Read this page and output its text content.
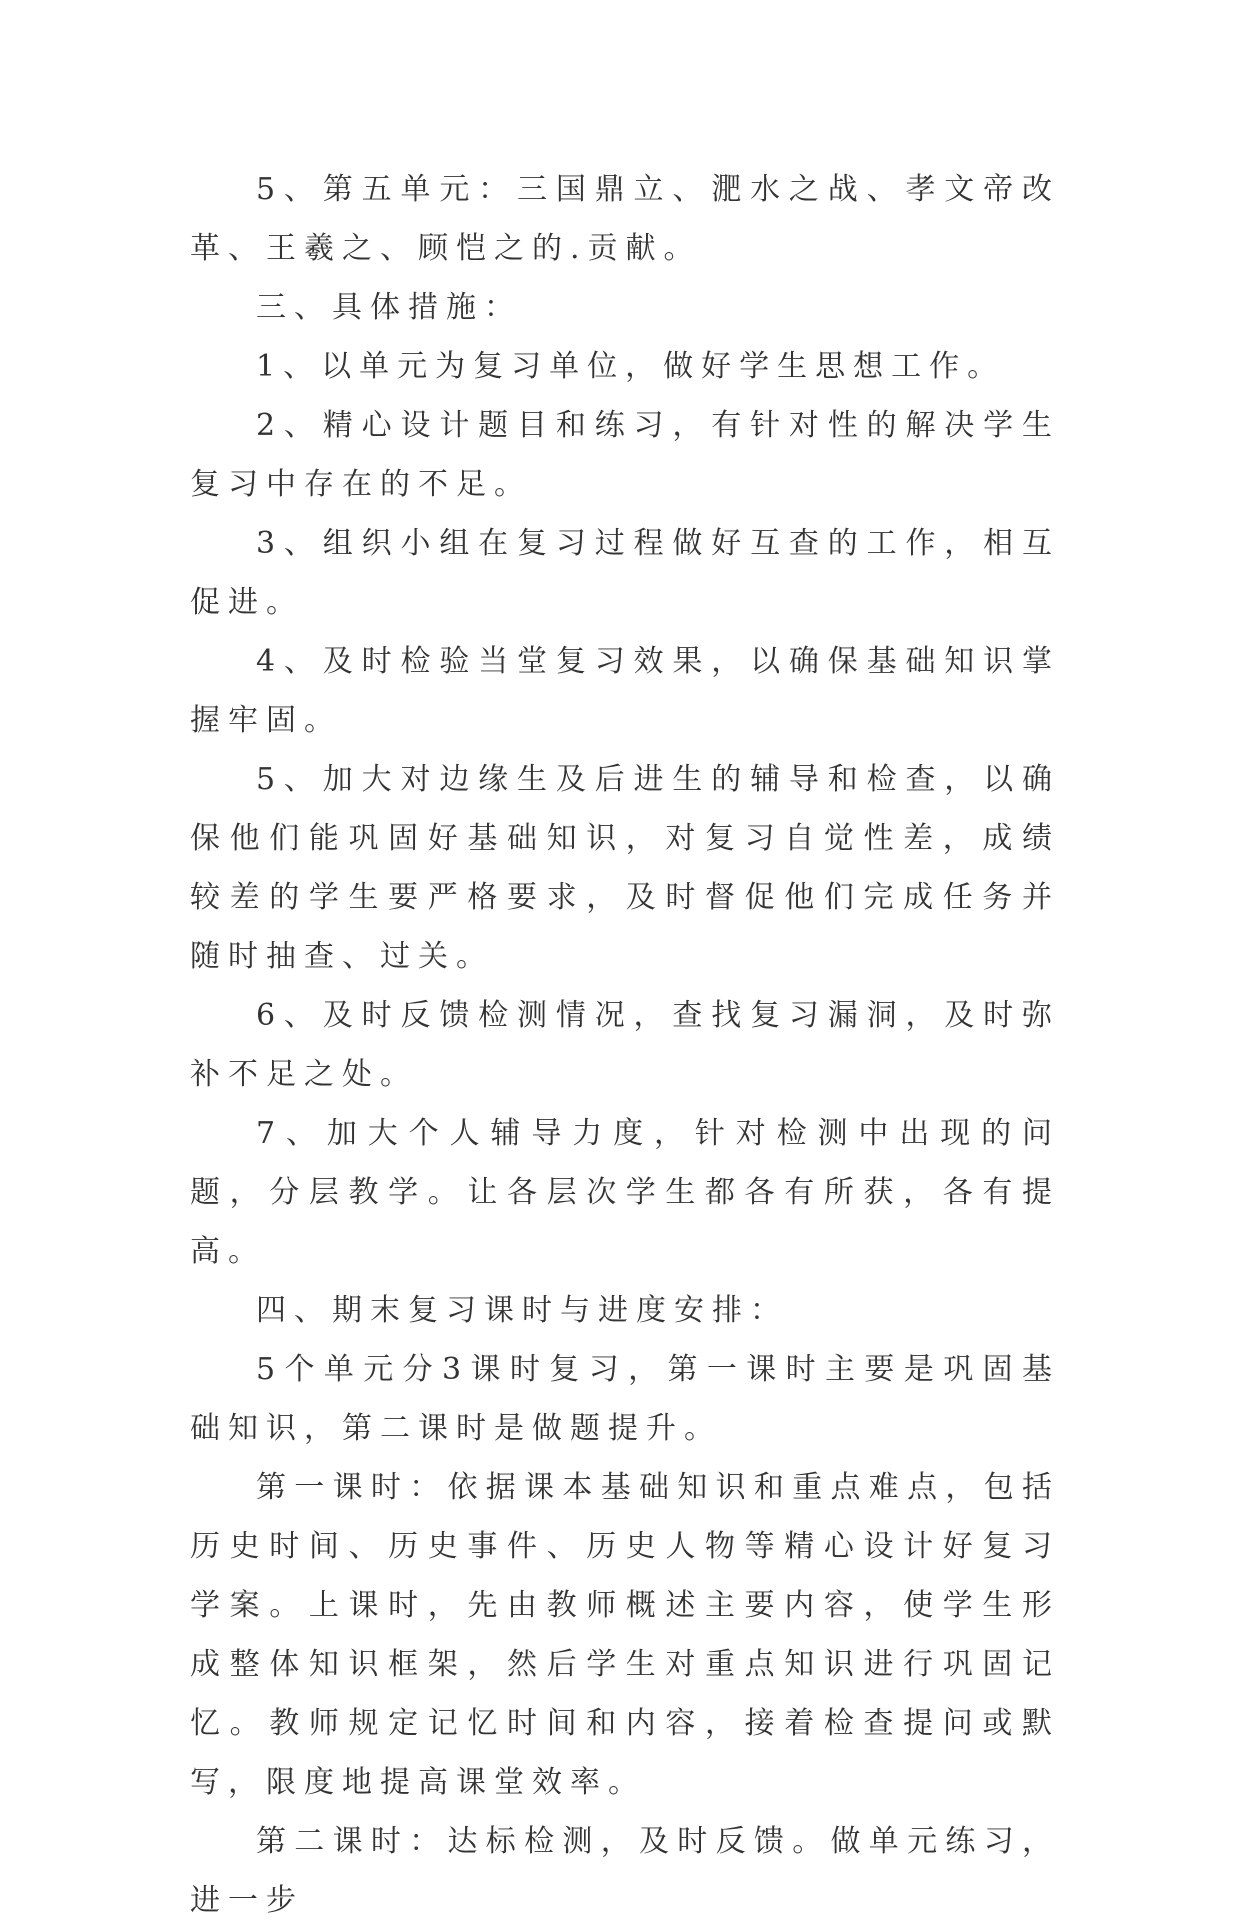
5、第五单元：三国鼎立、淝水之战、孝文帝改革、王羲之、顾恺之的.贡献。

三、具体措施：

1、以单元为复习单位，做好学生思想工作。

2、精心设计题目和练习，有针对性的解决学生复习中存在的不足。

3、组织小组在复习过程做好互查的工作，相互促进。

4、及时检验当堂复习效果，以确保基础知识掌握牢固。

5、加大对边缘生及后进生的辅导和检查，以确保他们能巩固好基础知识，对复习自觉性差，成绩较差的学生要严格要求，及时督促他们完成任务并随时抽查、过关。

6、及时反馈检测情况，查找复习漏洞，及时弥补不足之处。

7、加大个人辅导力度，针对检测中出现的问题，分层教学。让各层次学生都各有所获，各有提高。

四、期末复习课时与进度安排：

5个单元分3课时复习，第一课时主要是巩固基础知识，第二课时是做题提升。

第一课时：依据课本基础知识和重点难点，包括历史时间、历史事件、历史人物等精心设计好复习学案。上课时，先由教师概述主要内容，使学生形成整体知识框架，然后学生对重点知识进行巩固记忆。教师规定记忆时间和内容，接着检查提问或默写，限度地提高课堂效率。

第二课时：达标检测，及时反馈。做单元练习，进一步
